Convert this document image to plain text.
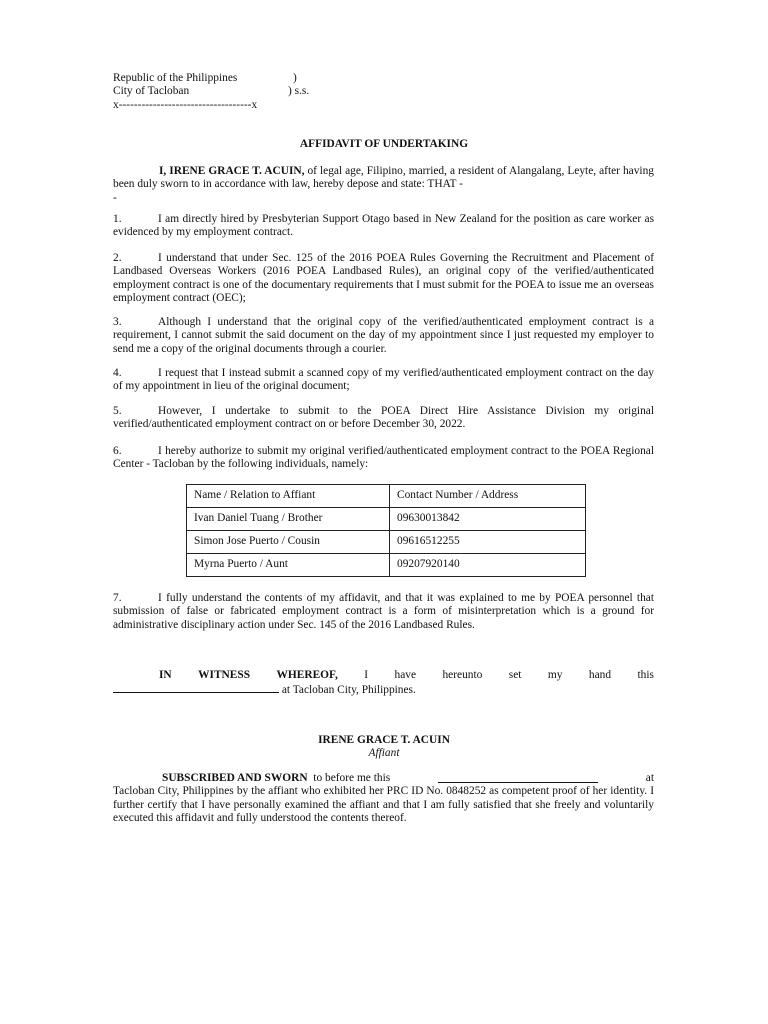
Republic of the Philippines	)
City of Tacloban	) s.s.
x-----------------------------------x
AFFIDAVIT OF UNDERTAKING
I, IRENE GRACE T. ACUIN, of legal age, Filipino, married, a resident of Alangalang, Leyte, after having been duly sworn to in accordance with law, hereby depose and state: THAT -
-
1.	I am directly hired by Presbyterian Support Otago based in New Zealand for the position as care worker as evidenced by my employment contract.
2.	I understand that under Sec. 125 of the 2016 POEA Rules Governing the Recruitment and Placement of Landbased Overseas Workers (2016 POEA Landbased Rules), an original copy of the verified/authenticated employment contract is one of the documentary requirements that I must submit for the POEA to issue me an overseas employment contract (OEC);
3.	Although I understand that the original copy of the verified/authenticated employment contract is a requirement, I cannot submit the said document on the day of my appointment since I just requested my employer to send me a copy of the original documents through a courier.
4.	I request that I instead submit a scanned copy of my verified/authenticated employment contract on the day of my appointment in lieu of the original document;
5.	However, I undertake to submit to the POEA Direct Hire Assistance Division my original verified/authenticated employment contract on or before December 30, 2022.
6.	I hereby authorize to submit my original verified/authenticated employment contract to the POEA Regional Center - Tacloban by the following individuals, namely:
Name / Relation to Affiant	Contact Number / Address
Ivan Daniel Tuang / Brother	09630013842
Simon Jose Puerto / Cousin	09616512255
Myrna Puerto / Aunt	09207920140
7.	I fully understand the contents of my affidavit, and that it was explained to me by POEA personnel that submission of false or fabricated employment contract is a form of misinterpretation which is a ground for administrative disciplinary action under Sec. 145 of the 2016 Landbased Rules.
IN WITNESS WHEREOF, I have hereunto set my hand this
at Tacloban City, Philippines.
IRENE GRACE T. ACUIN
Affiant
SUBSCRIBED AND SWORN to before me this	at
Tacloban City, Philippines by the affiant who exhibited her PRC ID No. 0848252 as competent proof of her identity. I further certify that I have personally examined the affiant and that I am fully satisfied that she freely and voluntarily executed this affidavit and fully understood the contents thereof.
